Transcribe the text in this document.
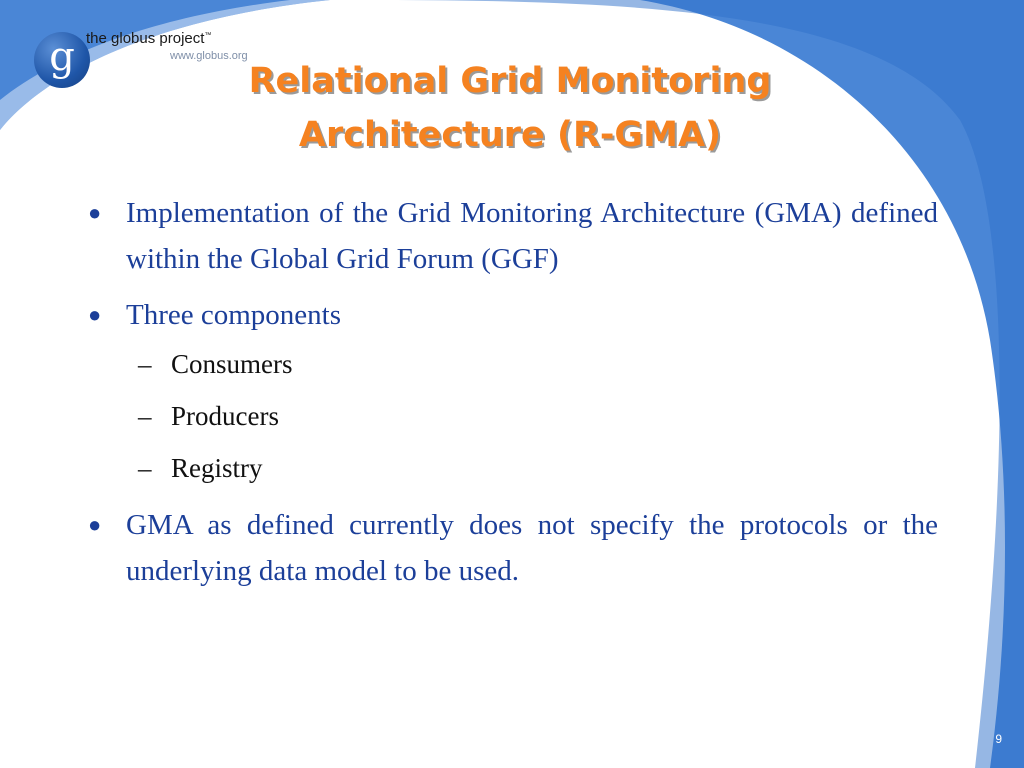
g the globus project™
www.globus.org
Relational Grid Monitoring
Architecture (R-GMA)
● Implementation of the Grid Monitoring Architecture (GMA) defined within the Global Grid Forum (GGF)
● Three components
– Consumers
– Producers
– Registry
● GMA as defined currently does not specify the protocols or the underlying data model to be used.
9
